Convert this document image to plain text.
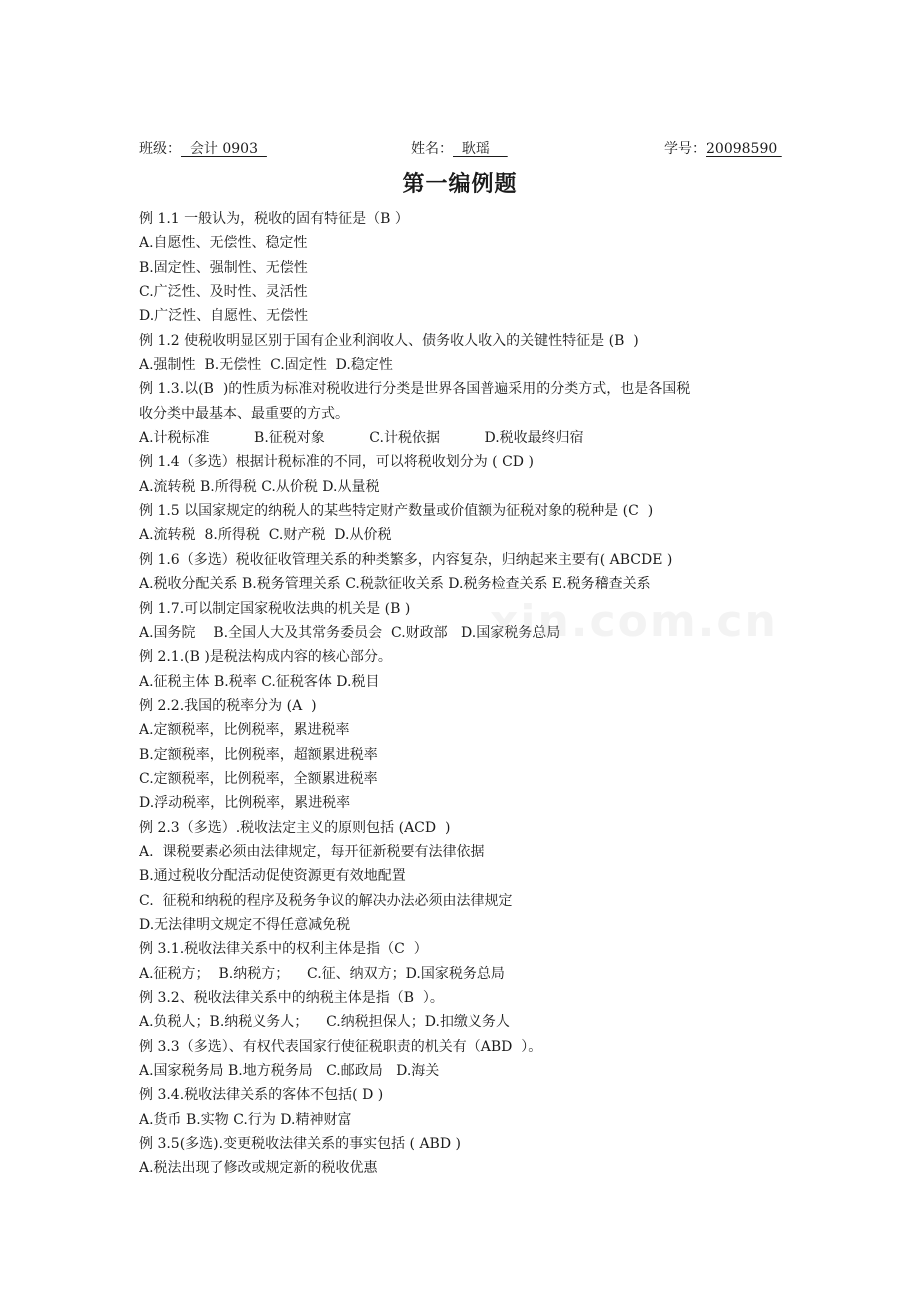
班级：  会计 0903	姓名：  耿瑶	学号：20098590
第一编例题
例 1.1 一般认为，税收的固有特征是（B ）
A.自愿性、无偿性、稳定性
B.固定性、强制性、无偿性
C.广泛性、及时性、灵活性
D.广泛性、自愿性、无偿性
例 1.2 使税收明显区别于国有企业利润收人、债务收人收入的关键性特征是 (B  )
A.强制性  B.无偿性  C.固定性  D.稳定性
例 1.3.以(B  )的性质为标准对税收进行分类是世界各国普遍采用的分类方式，也是各国税
收分类中最基本、最重要的方式。
A.计税标准          B.征税对象          C.计税依据          D.税收最终归宿
例 1.4（多选）根据计税标准的不同，可以将税收划分为 ( CD )
A.流转税 B.所得税 C.从价税 D.从量税
例 1.5 以国家规定的纳税人的某些特定财产数量或价值额为征税对象的税种是 (C  )
A.流转税  8.所得税  C.财产税  D.从价税
例 1.6（多选）税收征收管理关系的种类繁多，内容复杂，归纳起来主要有( ABCDE )
A.税收分配关系 B.税务管理关系 C.税款征收关系 D.税务检查关系 E.税务稽查关系
例 1.7.可以制定国家税收法典的机关是 (B )
A.国务院    B.全国人大及其常务委员会  C.财政部   D.国家税务总局
例 2.1.(B )是税法构成内容的核心部分。
A.征税主体 B.税率 C.征税客体 D.税目
例 2.2.我国的税率分为 (A  )
A.定额税率，比例税率，累进税率
B.定额税率，比例税率，超额累进税率
C.定额税率，比例税率，全额累进税率
D.浮动税率，比例税率，累进税率
例 2.3（多选）.税收法定主义的原则包括 (ACD  )
A.  课税要素必须由法律规定，每开征新税要有法律依据
B.通过税收分配活动促使资源更有效地配置
C.  征税和纳税的程序及税务争议的解决办法必须由法律规定
D.无法律明文规定不得任意减免税
例 3.1.税收法律关系中的权利主体是指（C  ）
A.征税方；  B.纳税方；    C.征、纳双方；D.国家税务总局
例 3.2、税收法律关系中的纳税主体是指（B  ）。
A.负税人；B.纳税义务人；    C.纳税担保人；D.扣缴义务人
例 3.3（多选）、有权代表国家行使征税职责的机关有（ABD  ）。
A.国家税务局 B.地方税务局   C.邮政局   D.海关
例 3.4.税收法律关系的客体不包括( D )
A.货币 B.实物 C.行为 D.精神财富
例 3.5(多选).变更税收法律关系的事实包括 ( ABD )
A.税法出现了修改或规定新的税收优惠
xin.com.cn
